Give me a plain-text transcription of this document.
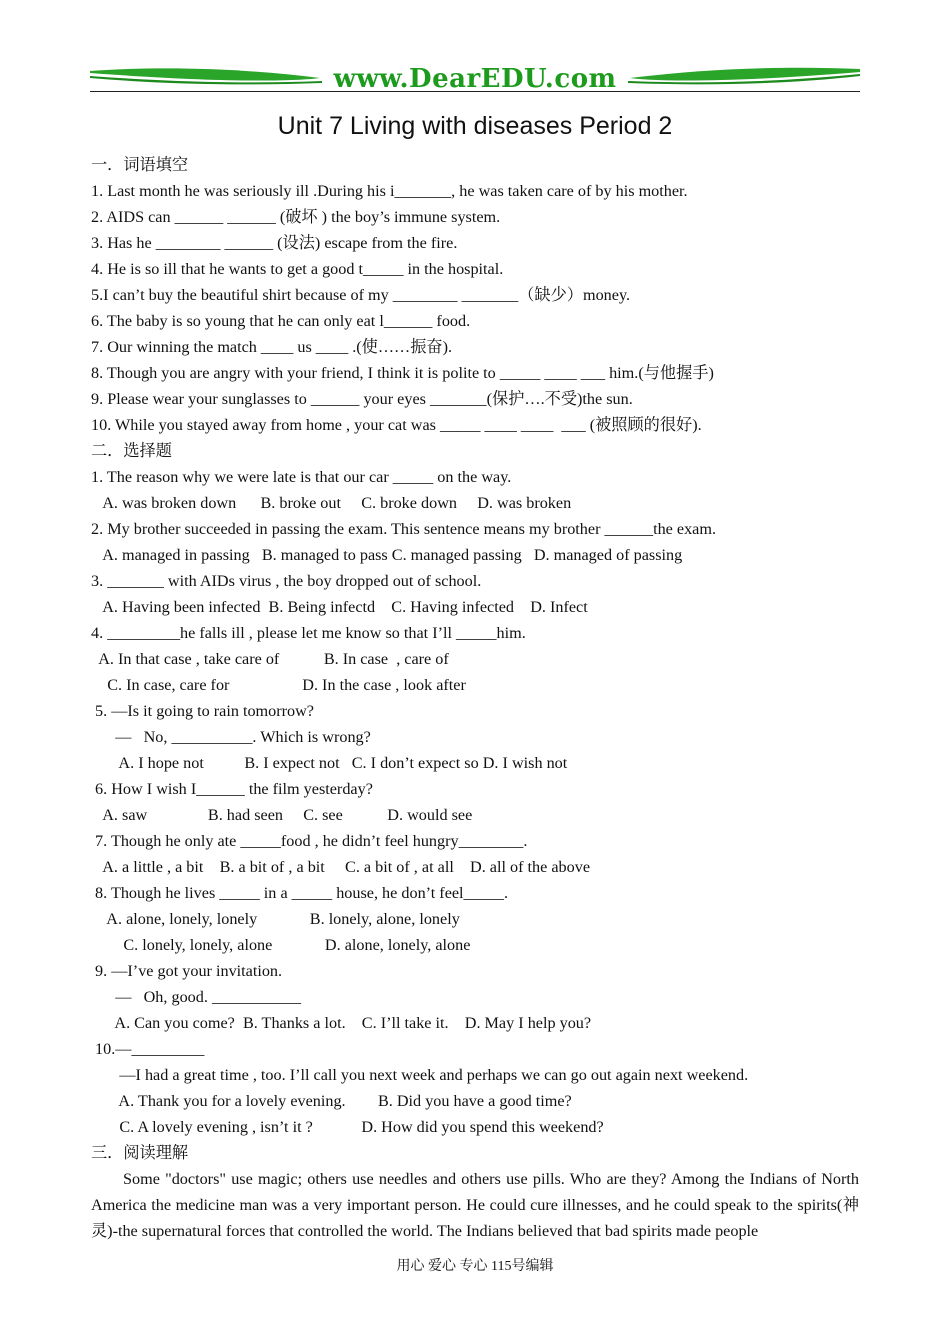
www.DearEDU.com
Unit 7 Living with diseases Period 2
一．词语填空
1. Last month he was seriously ill .During his i_______, he was taken care of by his mother.
2. AIDS can ______ ______ (破坏 ) the boy’s immune system.
3. Has he ________ ______ (设法) escape from the fire.
4. He is so ill that he wants to get a good t_____ in the hospital.
5.I can’t buy the beautiful shirt because of my ________ _______（缺少）money.
6. The baby is so young that he can only eat l______ food.
7. Our winning the match ____ us ____ .(使……振奋).
8. Though you are angry with your friend, I think it is polite to _____ ____ ___ him.(与他握手)
9. Please wear your sunglasses to ______ your eyes _______(保护….不受)the sun.
10. While you stayed away from home , your cat was _____ ____ ____  ___ (被照顾的很好).
二．选择题
1. The reason why we were late is that our car _____ on the way.
A. was broken down      B. broke out     C. broke down     D. was broken
2. My brother succeeded in passing the exam. This sentence means my brother ______the exam.
A. managed in passing   B. managed to pass C. managed passing   D. managed of passing
3. _______ with AIDs virus , the boy dropped out of school.
A. Having been infected  B. Being infectd    C. Having infected    D. Infect
4. _________he falls ill , please let me know so that I’ll _____him.
A. In that case , take care of           B. In case  , care of
C. In case, care for                  D. In the case , look after
5. —Is it going to rain tomorrow?
—   No, __________. Which is wrong?
A. I hope not          B. I expect not   C. I don’t expect so D. I wish not
6. How I wish I______ the film yesterday?
A. saw               B. had seen     C. see           D. would see
7. Though he only ate _____food , he didn’t feel hungry________.
A. a little , a bit    B. a bit of , a bit     C. a bit of , at all    D. all of the above
8. Though he lives _____ in a _____ house, he don’t feel_____.
A. alone, lonely, lonely             B. lonely, alone, lonely
C. lonely, lonely, alone             D. alone, lonely, alone
9. —I’ve got your invitation.
—   Oh, good. ___________
A. Can you come?  B. Thanks a lot.    C. I’ll take it.    D. May I help you?
10.—_________
—I had a great time , too. I’ll call you next week and perhaps we can go out again next weekend.
A. Thank you for a lovely evening.        B. Did you have a good time?
C. A lovely evening , isn’t it ?            D. How did you spend this weekend?
三．阅读理解

Some "doctors" use magic; others use needles and others use pills. Who are they? Among the Indians of North America the medicine man was a very important person. He could cure illnesses, and he could speak to the spirits(神灵)-the supernatural forces that controlled the world. The Indians believed that bad spirits made people

用心 爱心 专心 115号编辑
